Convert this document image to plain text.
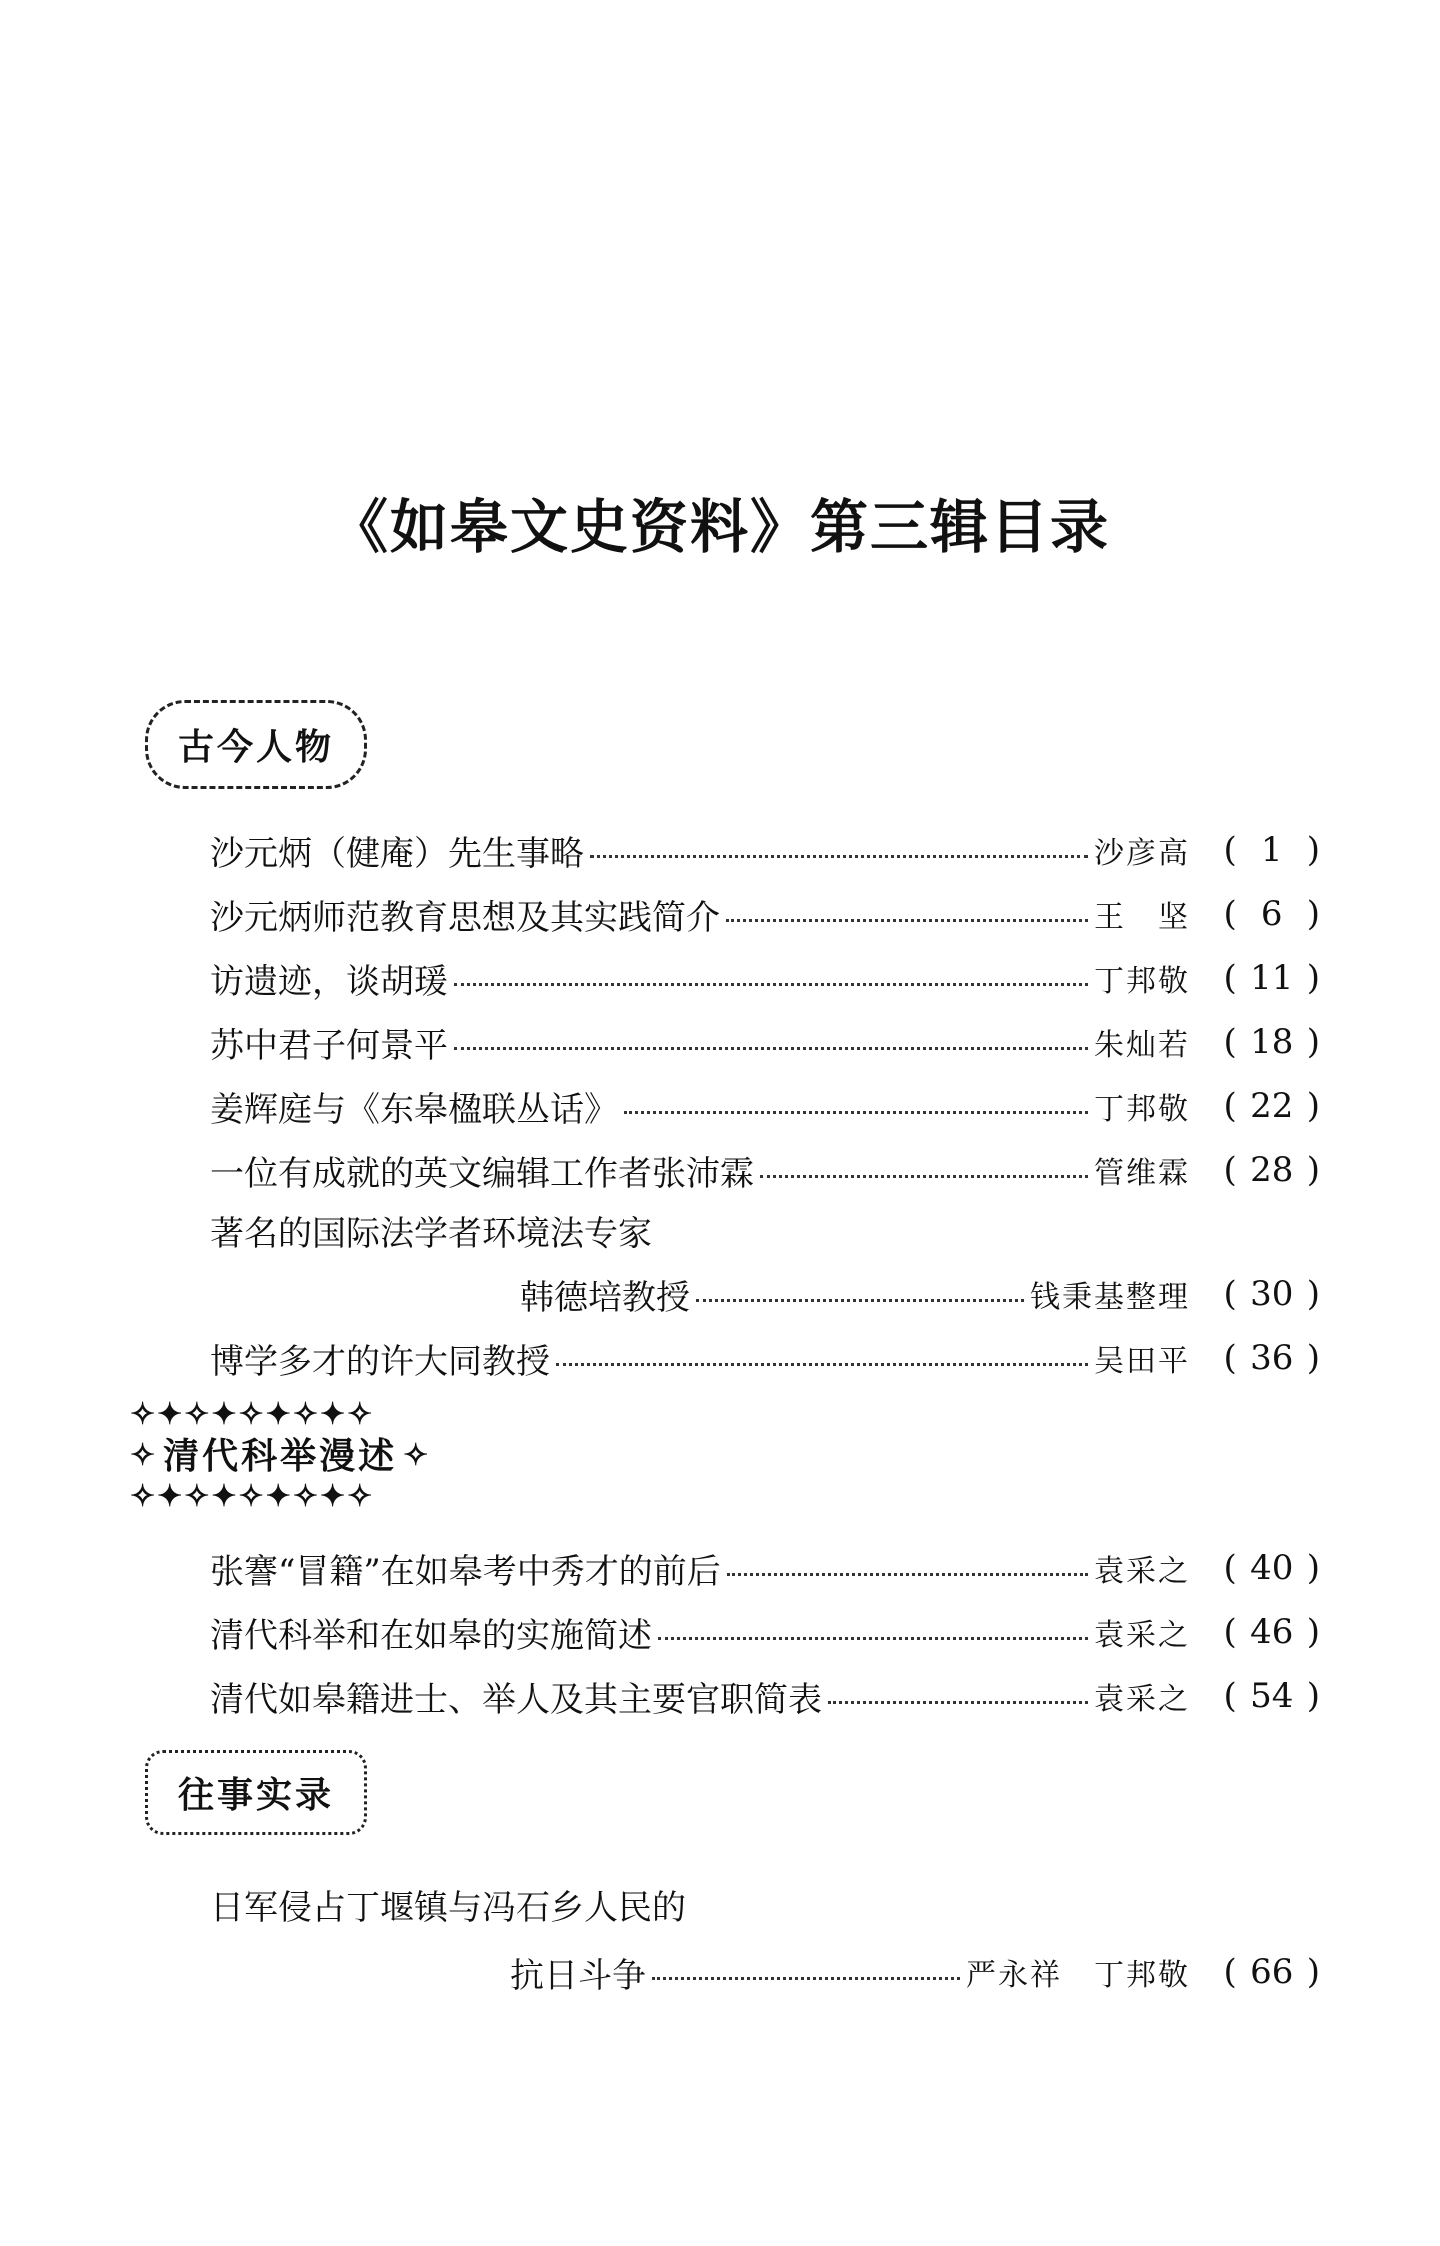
《如皋文史资料》第三辑目录
古今人物
沙元炳（健庵）先生事略	沙彦高 ( 1 )
沙元炳师范教育思想及其实践简介	王　坚 ( 6 )
访遗迹，谈胡瑗	丁邦敬 ( 11 )
苏中君子何景平	朱灿若 ( 18 )
姜辉庭与《东皋楹联丛话》	丁邦敬 ( 22 )
一位有成就的英文编辑工作者张沛霖	管维霖 ( 28 )
著名的国际法学者环境法专家
韩德培教授	钱秉基整理 ( 30 )
博学多才的许大同教授	吴田平 ( 36 )
✧✦✧✦✧✦✧✦✧
✧ 清代科举漫述 ✧
✧✦✧✦✧✦✧✦✧
张謇“冒籍”在如皋考中秀才的前后	袁采之 ( 40 )
清代科举和在如皋的实施简述	袁采之 ( 46 )
清代如皋籍进士、举人及其主要官职简表	袁采之 ( 54 )
往事实录
日军侵占丁堰镇与冯石乡人民的
抗日斗争	严永祥　丁邦敬 ( 66 )
